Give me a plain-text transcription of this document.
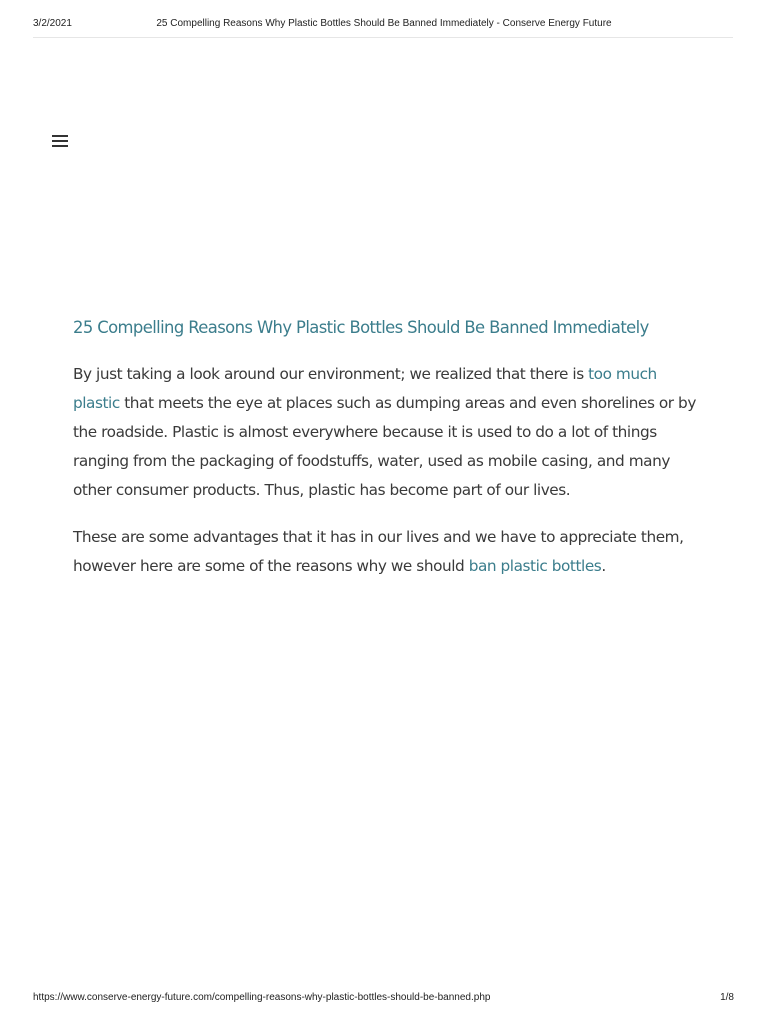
3/2/2021	25 Compelling Reasons Why Plastic Bottles Should Be Banned Immediately - Conserve Energy Future
25 Compelling Reasons Why Plastic Bottles Should Be Banned Immediately

By just taking a look around our environment; we realized that there is too much plastic that meets the eye at places such as dumping areas and even shorelines or by the roadside. Plastic is almost everywhere because it is used to do a lot of things ranging from the packaging of foodstuffs, water, used as mobile casing, and many other consumer products. Thus, plastic has become part of our lives.

These are some advantages that it has in our lives and we have to appreciate them, however here are some of the reasons why we should ban plastic bottles.

https://www.conserve-energy-future.com/compelling-reasons-why-plastic-bottles-should-be-banned.php	1/8
